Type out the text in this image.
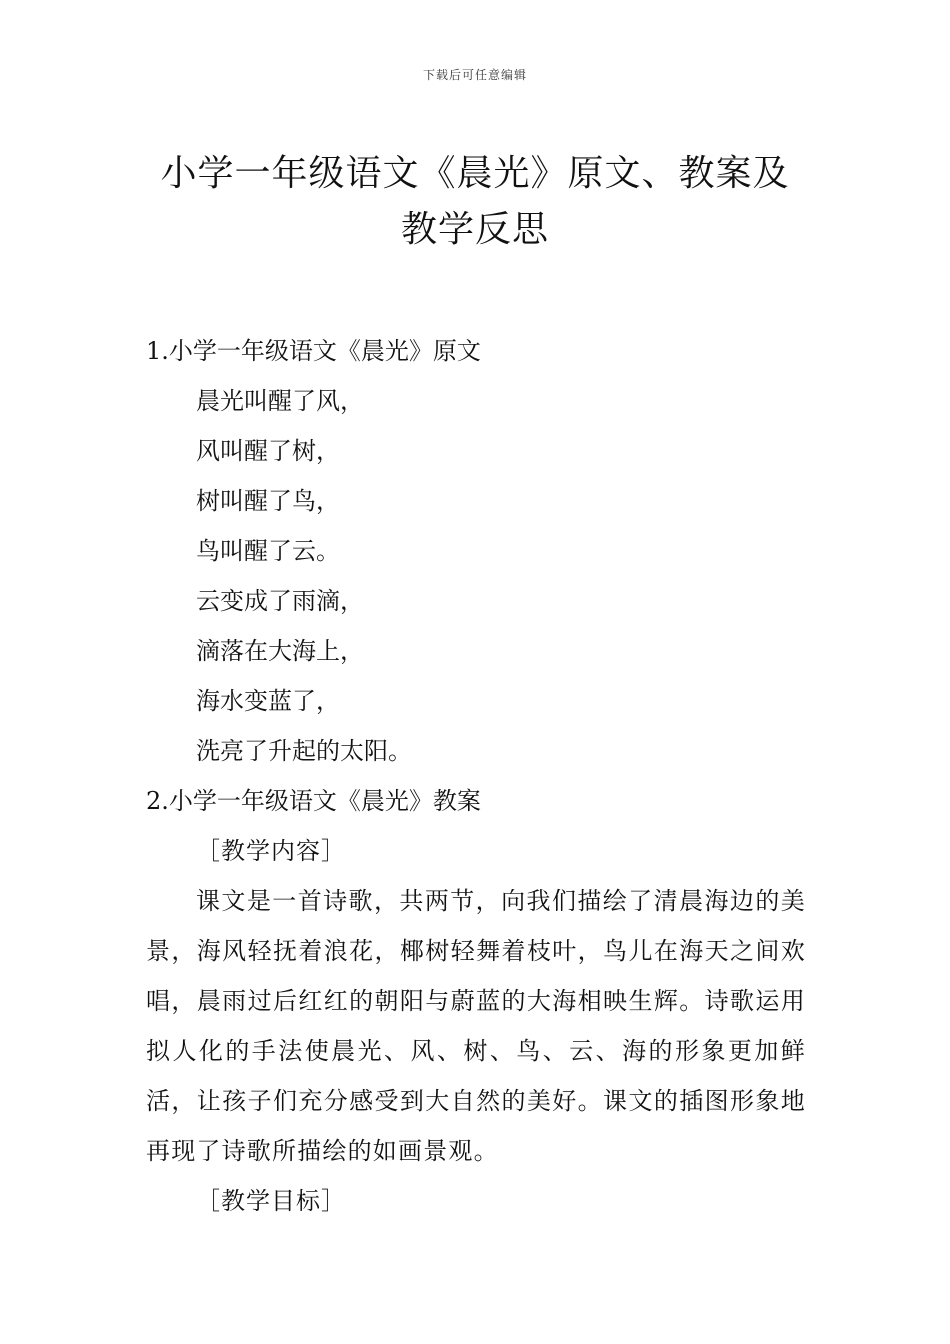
下载后可任意编辑
小学一年级语文《晨光》原文、教案及教学反思

1.小学一年级语文《晨光》原文

晨光叫醒了风，

风叫醒了树，

树叫醒了鸟，

鸟叫醒了云。

云变成了雨滴，

滴落在大海上，

海水变蓝了，

洗亮了升起的太阳。

2.小学一年级语文《晨光》教案

［教学内容］

课文是一首诗歌，共两节，向我们描绘了清晨海边的美景，海风轻抚着浪花，椰树轻舞着枝叶，鸟儿在海天之间欢唱，晨雨过后红红的朝阳与蔚蓝的大海相映生辉。诗歌运用拟人化的手法使晨光、风、树、鸟、云、海的形象更加鲜活，让孩子们充分感受到大自然的美好。课文的插图形象地再现了诗歌所描绘的如画景观。

［教学目标］
